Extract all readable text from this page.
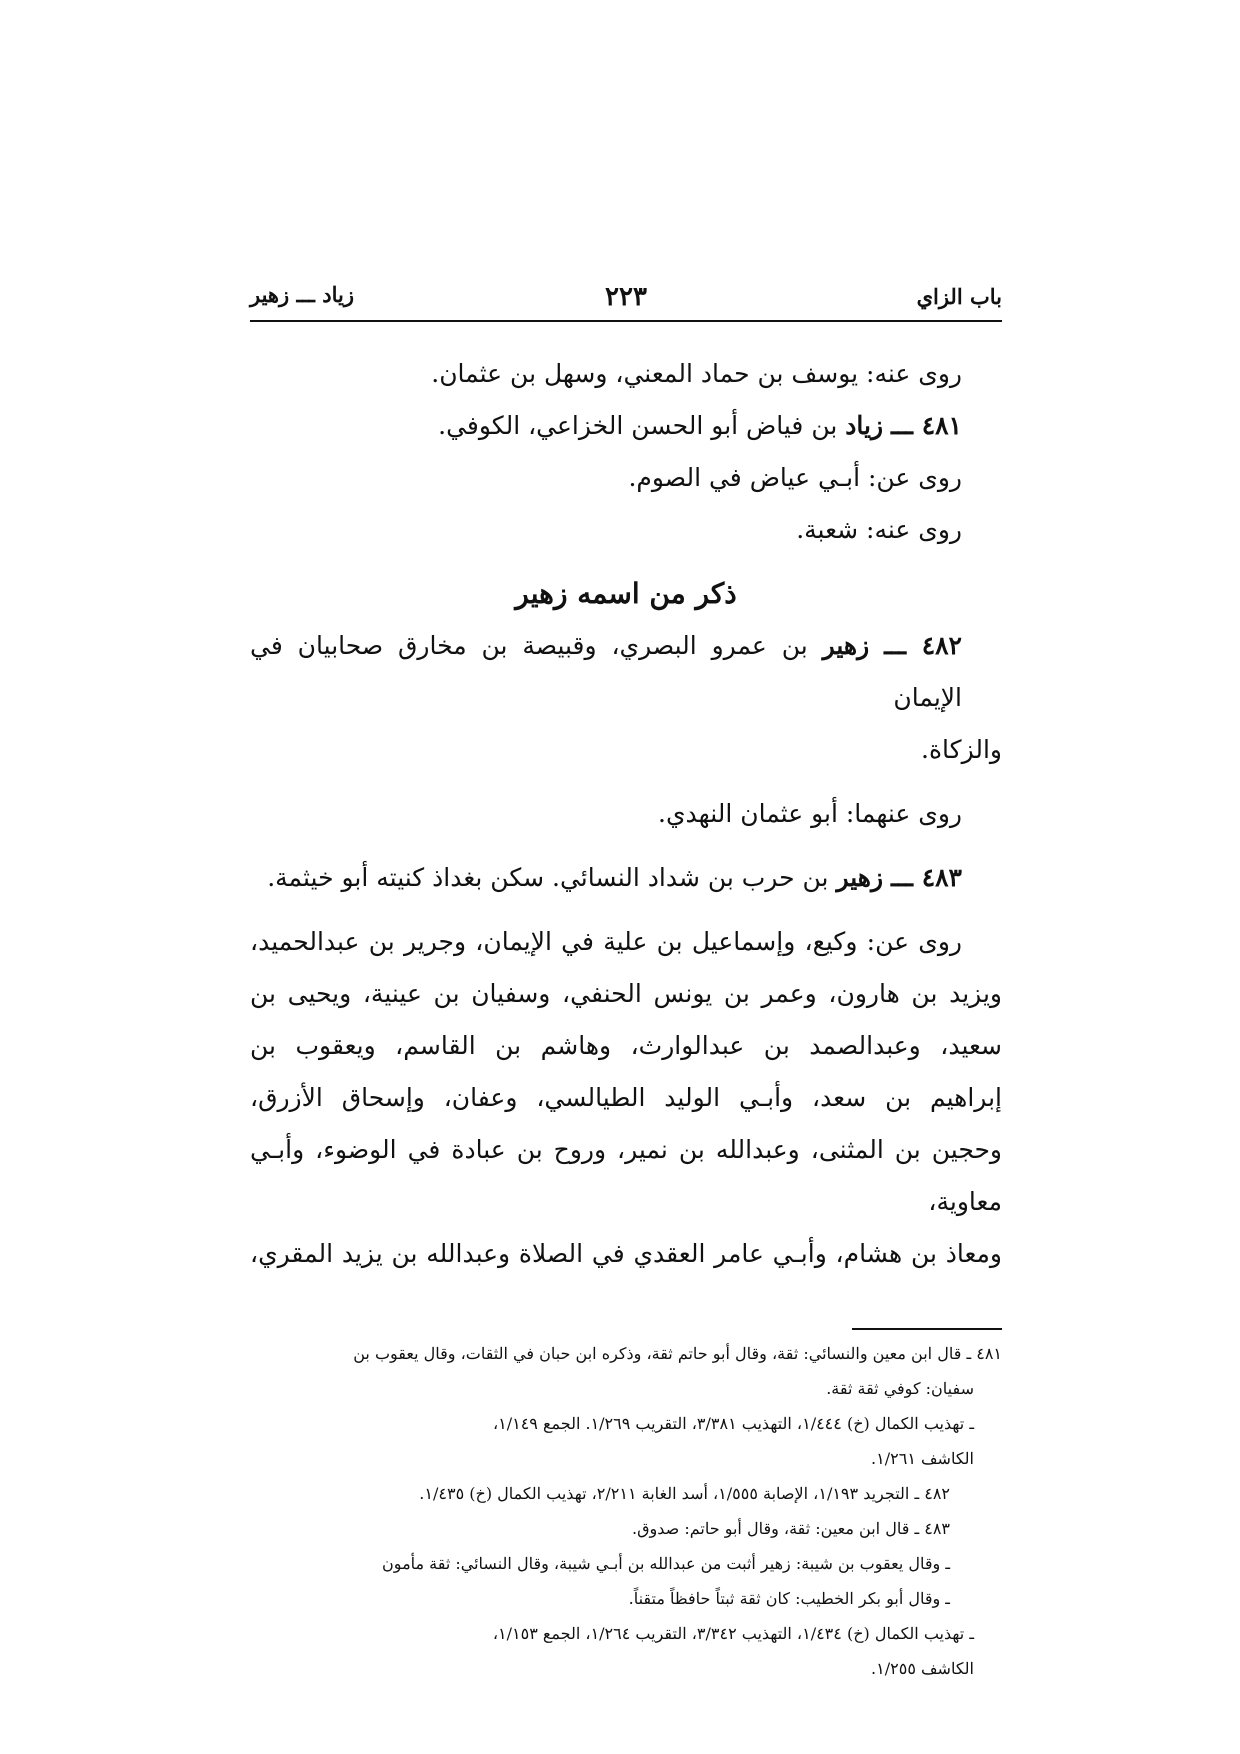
باب الزاي
٢٢٣
زياد ـــ زهير

روى عنه: يوسف بن حماد المعني، وسهل بن عثمان.

٤٨١ ـــ زياد بن فياض أبو الحسن الخزاعي، الكوفي.

روى عن: أبـي عياض في الصوم.

روى عنه: شعبة.

ذكر من اسمه زهير

٤٨٢ ـــ زهير بن عمرو البصري، وقبيصة بن مخارق صحابيان في الإيمان

والزكاة.

روى عنهما: أبو عثمان النهدي.

٤٨٣ ـــ زهير بن حرب بن شداد النسائي. سكن بغداذ كنيته أبو خيثمة.

روى عن: وكيع، وإسماعيل بن علية في الإيمان، وجرير بن عبدالحميد،

ويزيد بن هارون، وعمر بن يونس الحنفي، وسفيان بن عينية، ويحيى بن

سعيد، وعبدالصمد بن عبدالوارث، وهاشم بن القاسم، ويعقوب بن

إبراهيم بن سعد، وأبـي الوليد الطيالسي، وعفان، وإسحاق الأزرق،

وحجين بن المثنى، وعبدالله بن نمير، وروح بن عبادة في الوضوء، وأبـي معاوية،

ومعاذ بن هشام، وأبـي عامر العقدي في الصلاة وعبدالله بن يزيد المقري،

٤٨١ ـ قال ابن معين والنسائي: ثقة، وقال أبو حاتم ثقة، وذكره ابن حبان في الثقات، وقال يعقوب بن

سفيان: كوفي ثقة ثقة.

ـ تهذيب الكمال (خ) ١/٤٤٤، التهذيب ٣/٣٨١، التقريب ١/٢٦٩. الجمع ١/١٤٩،

الكاشف ١/٢٦١.

٤٨٢ ـ التجريد ١/١٩٣، الإصابة ١/٥٥٥، أسد الغابة ٢/٢١١، تهذيب الكمال (خ) ١/٤٣٥.

٤٨٣ ـ قال ابن معين: ثقة، وقال أبو حاتم: صدوق.

ـ وقال يعقوب بن شيبة: زهير أثبت من عبدالله بن أبـي شيبة، وقال النسائي: ثقة مأمون

ـ وقال أبو بكر الخطيب: كان ثقة ثبتاً حافظاً متقناً.

ـ تهذيب الكمال (خ) ١/٤٣٤، التهذيب ٣/٣٤٢، التقريب ١/٢٦٤، الجمع ١/١٥٣،

الكاشف ١/٢٥٥.
